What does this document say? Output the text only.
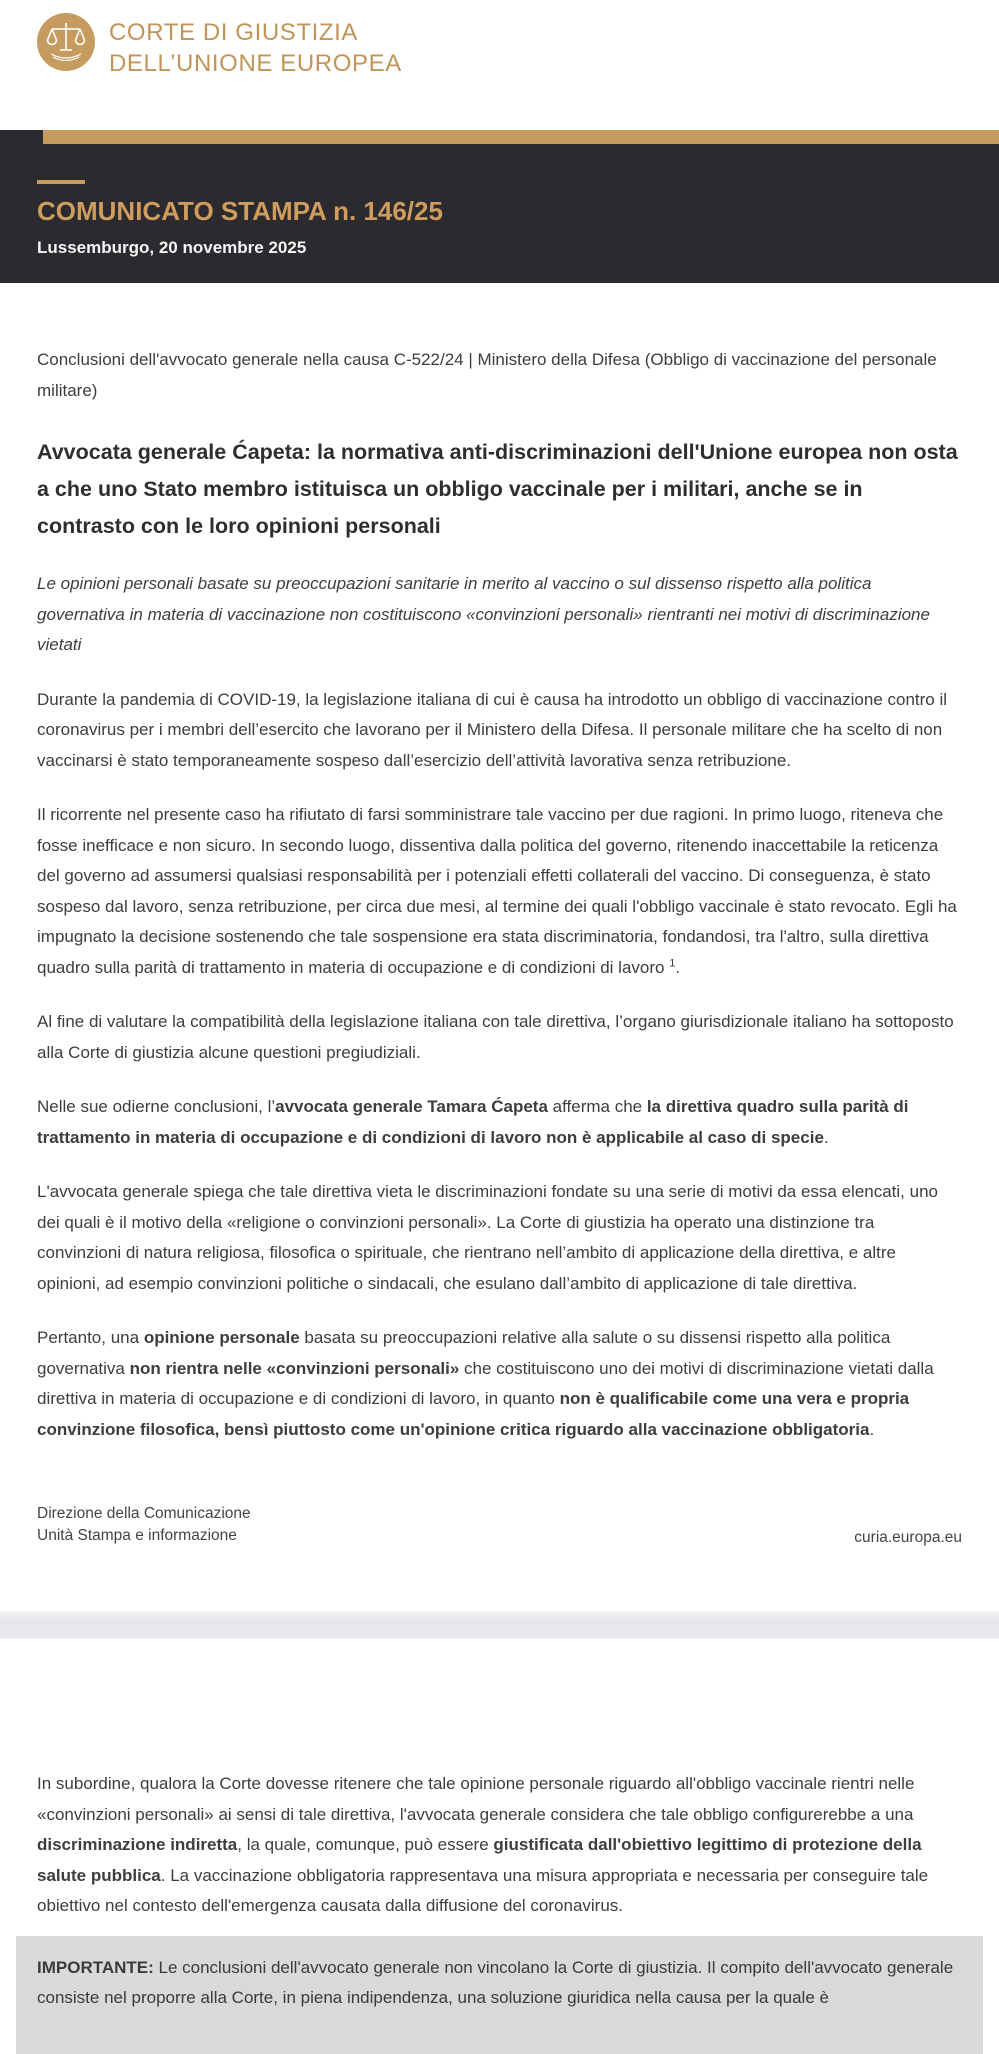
CORTE DI GIUSTIZIA
DELL’UNIONE EUROPEA
COMUNICATO STAMPA n. 146/25
Lussemburgo, 20 novembre 2025

Conclusioni dell'avvocato generale nella causa C-522/24 | Ministero della Difesa (Obbligo di vaccinazione del personale militare)

Avvocata generale Ćapeta: la normativa anti-discriminazioni dell'Unione europea non osta a che uno Stato membro istituisca un obbligo vaccinale per i militari, anche se in contrasto con le loro opinioni personali

Le opinioni personali basate su preoccupazioni sanitarie in merito al vaccino o sul dissenso rispetto alla politica governativa in materia di vaccinazione non costituiscono «convinzioni personali» rientranti nei motivi di discriminazione vietati

Durante la pandemia di COVID-19, la legislazione italiana di cui è causa ha introdotto un obbligo di vaccinazione contro il coronavirus per i membri dell’esercito che lavorano per il Ministero della Difesa. Il personale militare che ha scelto di non vaccinarsi è stato temporaneamente sospeso dall’esercizio dell’attività lavorativa senza retribuzione.

Il ricorrente nel presente caso ha rifiutato di farsi somministrare tale vaccino per due ragioni. In primo luogo, riteneva che fosse inefficace e non sicuro. In secondo luogo, dissentiva dalla politica del governo, ritenendo inaccettabile la reticenza del governo ad assumersi qualsiasi responsabilità per i potenziali effetti collaterali del vaccino. Di conseguenza, è stato sospeso dal lavoro, senza retribuzione, per circa due mesi, al termine dei quali l'obbligo vaccinale è stato revocato. Egli ha impugnato la decisione sostenendo che tale sospensione era stata discriminatoria, fondandosi, tra l'altro, sulla direttiva quadro sulla parità di trattamento in materia di occupazione e di condizioni di lavoro $^1$.

Al fine di valutare la compatibilità della legislazione italiana con tale direttiva, l’organo giurisdizionale italiano ha sottoposto alla Corte di giustizia alcune questioni pregiudiziali.

Nelle sue odierne conclusioni, l’avvocata generale Tamara Ćapeta afferma che la direttiva quadro sulla parità di trattamento in materia di occupazione e di condizioni di lavoro non è applicabile al caso di specie.

L'avvocata generale spiega che tale direttiva vieta le discriminazioni fondate su una serie di motivi da essa elencati, uno dei quali è il motivo della «religione o convinzioni personali». La Corte di giustizia ha operato una distinzione tra convinzioni di natura religiosa, filosofica o spirituale, che rientrano nell’ambito di applicazione della direttiva, e altre opinioni, ad esempio convinzioni politiche o sindacali, che esulano dall’ambito di applicazione di tale direttiva.

Pertanto, una opinione personale basata su preoccupazioni relative alla salute o su dissensi rispetto alla politica governativa non rientra nelle «convinzioni personali» che costituiscono uno dei motivi di discriminazione vietati dalla direttiva in materia di occupazione e di condizioni di lavoro, in quanto non è qualificabile come una vera e propria convinzione filosofica, bensì piuttosto come un'opinione critica riguardo alla vaccinazione obbligatoria.

Direzione della Comunicazione
Unità Stampa e informazione	curia.europa.eu

In subordine, qualora la Corte dovesse ritenere che tale opinione personale riguardo all'obbligo vaccinale rientri nelle «convinzioni personali» ai sensi di tale direttiva, l'avvocata generale considera che tale obbligo configurerebbe a una discriminazione indiretta, la quale, comunque, può essere giustificata dall'obiettivo legittimo di protezione della salute pubblica. La vaccinazione obbligatoria rappresentava una misura appropriata e necessaria per conseguire tale obiettivo nel contesto dell'emergenza causata dalla diffusione del coronavirus.

IMPORTANTE: Le conclusioni dell'avvocato generale non vincolano la Corte di giustizia. Il compito dell'avvocato generale consiste nel proporre alla Corte, in piena indipendenza, una soluzione giuridica nella causa per la quale è
